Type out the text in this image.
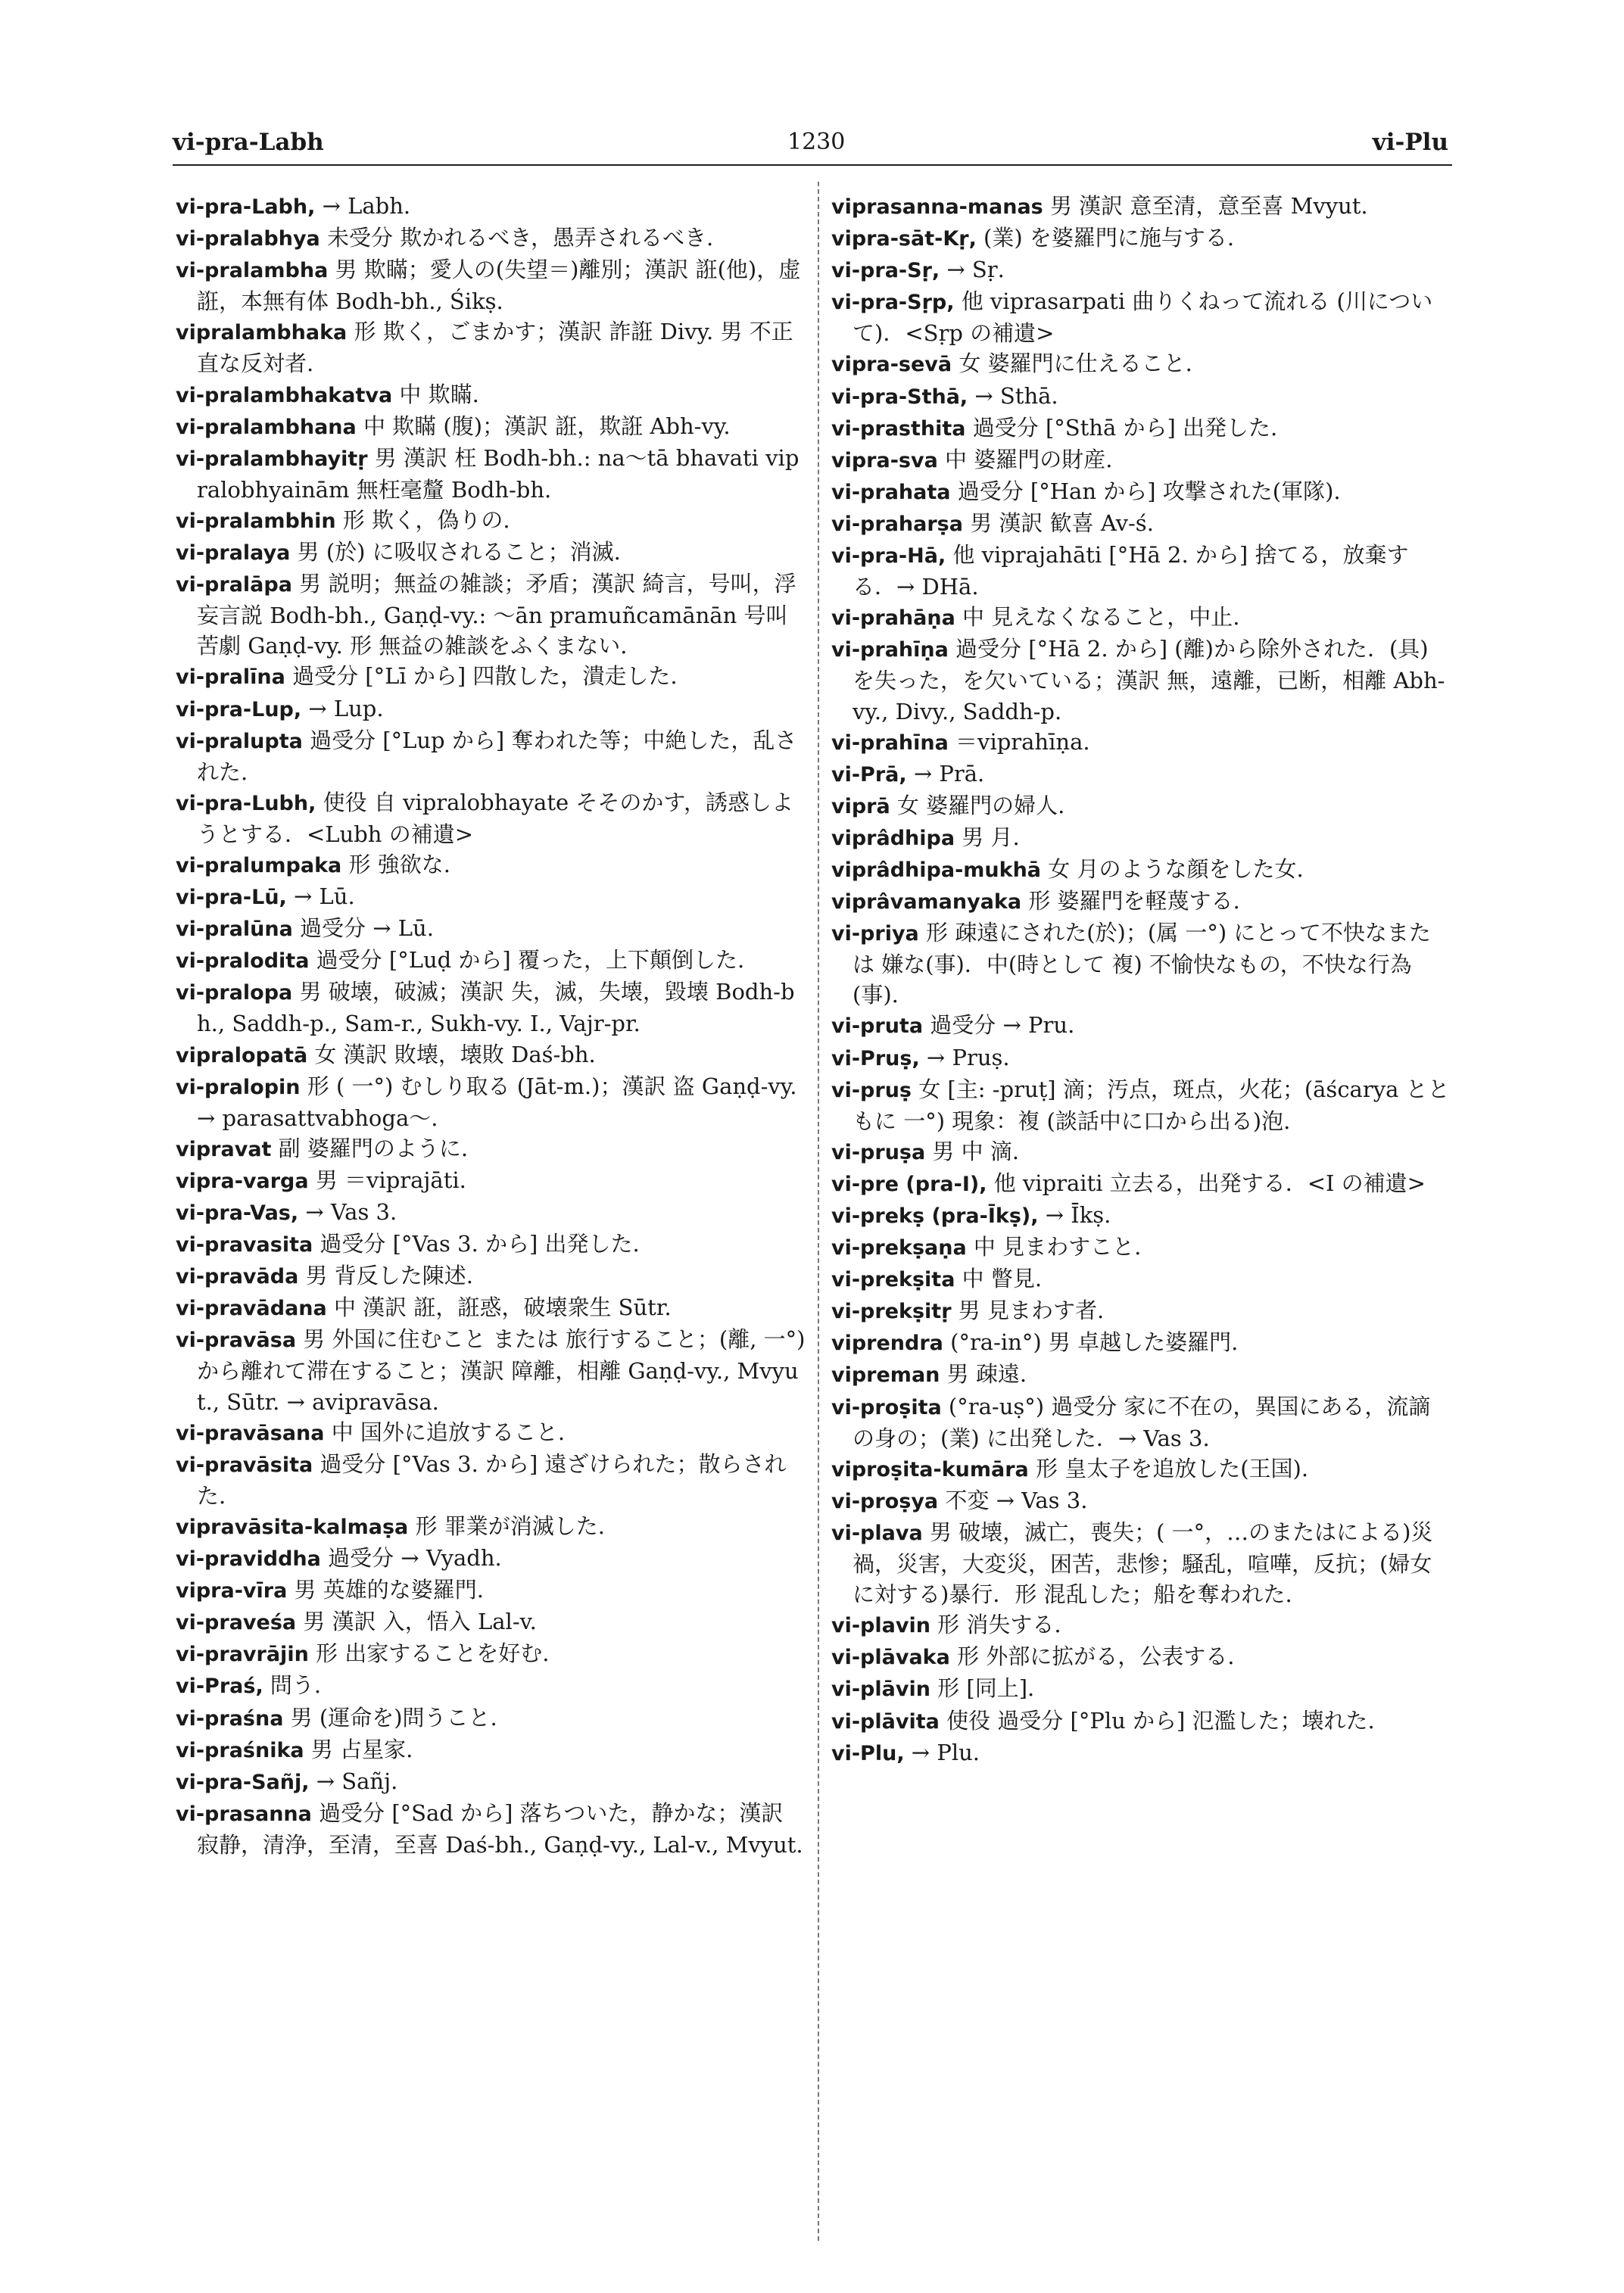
vi-pra-Labh	1230	vi-Plu

vi-pra-Labh, → Labh.

vi-pralabhya 未受分 欺かれるべき，愚弄されるべき.

vi-pralambha 男 欺瞞；愛人の(失望＝)離別；漢訳 誑(他)，虚誑，本無有体 Bodh-bh., Śikṣ.

vipralambhaka 形 欺く，ごまかす；漢訳 詐誑 Divy. 男 不正直な反対者.

vi-pralambhakatva 中 欺瞞.

vi-pralambhana 中 欺瞞 (腹)；漢訳 誑，欺誑 Abh-vy.

vi-pralambhayitṛ 男 漢訳 枉 Bodh-bh.: na～tā bhavati vipralobhyainām 無枉毫釐 Bodh-bh.

vi-pralambhin 形 欺く，偽りの.

vi-pralaya 男 (於) に吸収されること；消滅.

vi-pralāpa 男 説明；無益の雑談；矛盾；漢訳 綺言，号叫，浮妄言説 Bodh-bh., Gaṇḍ-vy.: ～ān pramuñcamānān 号叫苦劇 Gaṇḍ-vy. 形 無益の雑談をふくまない.

vi-pralīna 過受分 [°Lī から] 四散した，潰走した.

vi-pra-Lup, → Lup.

vi-pralupta 過受分 [°Lup から] 奪われた等；中絶した，乱された.

vi-pra-Lubh, 使役 自 vipralobhayate そそのかす，誘惑しようとする．<Lubh の補遺>

vi-pralumpaka 形 強欲な.

vi-pra-Lū, → Lū.

vi-pralūna 過受分 → Lū.

vi-pralodita 過受分 [°Luḍ から] 覆った，上下顛倒した.

vi-pralopa 男 破壊，破滅；漢訳 失，滅，失壊，毀壊 Bodh-bh., Saddh-p., Sam-r., Sukh-vy. I., Vajr-pr.

vipralopatā 女 漢訳 敗壊，壊敗 Daś-bh.

vi-pralopin 形 ( 一°) むしり取る (Jāt-m.)；漢訳 盗 Gaṇḍ-vy. → parasattvabhoga～.

vipravat 副 婆羅門のように.

vipra-varga 男 ＝viprajāti.

vi-pra-Vas, → Vas 3.

vi-pravasita 過受分 [°Vas 3. から] 出発した.

vi-pravāda 男 背反した陳述.

vi-pravādana 中 漢訳 誑，誑惑，破壊衆生 Sūtr.

vi-pravāsa 男 外国に住むこと または 旅行すること；(離, 一°)から離れて滞在すること；漢訳 障離，相離 Gaṇḍ-vy., Mvyut., Sūtr. → avipravāsa.

vi-pravāsana 中 国外に追放すること.

vi-pravāsita 過受分 [°Vas 3. から] 遠ざけられた；散らされた.

vipravāsita-kalmaṣa 形 罪業が消滅した.

vi-praviddha 過受分 → Vyadh.

vipra-vīra 男 英雄的な婆羅門.

vi-praveśa 男 漢訳 入，悟入 Lal-v.

vi-pravrājin 形 出家することを好む.

vi-Praś, 問う.

vi-praśna 男 (運命を)問うこと.

vi-praśnika 男 占星家.

vi-pra-Sañj, → Sañj.

vi-prasanna 過受分 [°Sad から] 落ちついた，静かな；漢訳 寂静，清浄，至清，至喜 Daś-bh., Gaṇḍ-vy., Lal-v., Mvyut.

viprasanna-manas 男 漢訳 意至清，意至喜 Mvyut.

vipra-sāt-Kṛ, (業) を婆羅門に施与する.

vi-pra-Sṛ, → Sṛ.

vi-pra-Sṛp, 他 viprasarpati 曲りくねって流れる (川について)．<Sṛp の補遺>

vipra-sevā 女 婆羅門に仕えること.

vi-pra-Sthā, → Sthā.

vi-prasthita 過受分 [°Sthā から] 出発した.

vipra-sva 中 婆羅門の財産.

vi-prahata 過受分 [°Han から] 攻撃された(軍隊).

vi-praharṣa 男 漢訳 歓喜 Av-ś.

vi-pra-Hā, 他 viprajahāti [°Hā 2. から] 捨てる，放棄する．→ DHā.

vi-prahāṇa 中 見えなくなること，中止.

vi-prahīṇa 過受分 [°Hā 2. から] (離)から除外された．(具) を失った，を欠いている；漢訳 無，遠離，已断，相離 Abh-vy., Divy., Saddh-p.

vi-prahīna ＝viprahīṇa.

vi-Prā, → Prā.

viprā 女 婆羅門の婦人.

viprâdhipa 男 月.

viprâdhipa-mukhā 女 月のような顔をした女.

viprâvamanyaka 形 婆羅門を軽蔑する.

vi-priya 形 疎遠にされた(於)；(属 一°) にとって不快なまたは 嫌な(事)．中(時として 複) 不愉快なもの，不快な行為(事).

vi-pruta 過受分 → Pru.

vi-Pruṣ, → Pruṣ.

vi-pruṣ 女 [主: -pruṭ] 滴；汚点，斑点，火花；(āścarya とともに 一°) 現象：複 (談話中に口から出る)泡.

vi-pruṣa 男 中 滴.

vi-pre (pra-I), 他 vipraiti 立去る，出発する．<I の補遺>

vi-prekṣ (pra-Īkṣ), → Īkṣ.

vi-prekṣaṇa 中 見まわすこと.

vi-prekṣita 中 瞥見.

vi-prekṣitṛ 男 見まわす者.

viprendra (°ra-in°) 男 卓越した婆羅門.

vipreman 男 疎遠.

vi-proṣita (°ra-uṣ°) 過受分 家に不在の，異国にある，流謫の身の；(業) に出発した．→ Vas 3.

viproṣita-kumāra 形 皇太子を追放した(王国).

vi-proṣya 不変 → Vas 3.

vi-plava 男 破壊，滅亡，喪失；( 一°，…のまたはによる)災禍，災害，大変災，困苦，悲惨；騒乱，喧嘩，反抗；(婦女に対する)暴行．形 混乱した；船を奪われた.

vi-plavin 形 消失する.

vi-plāvaka 形 外部に拡がる，公表する.

vi-plāvin 形 [同上].

vi-plāvita 使役 過受分 [°Plu から] 氾濫した；壊れた.

vi-Plu, → Plu.
